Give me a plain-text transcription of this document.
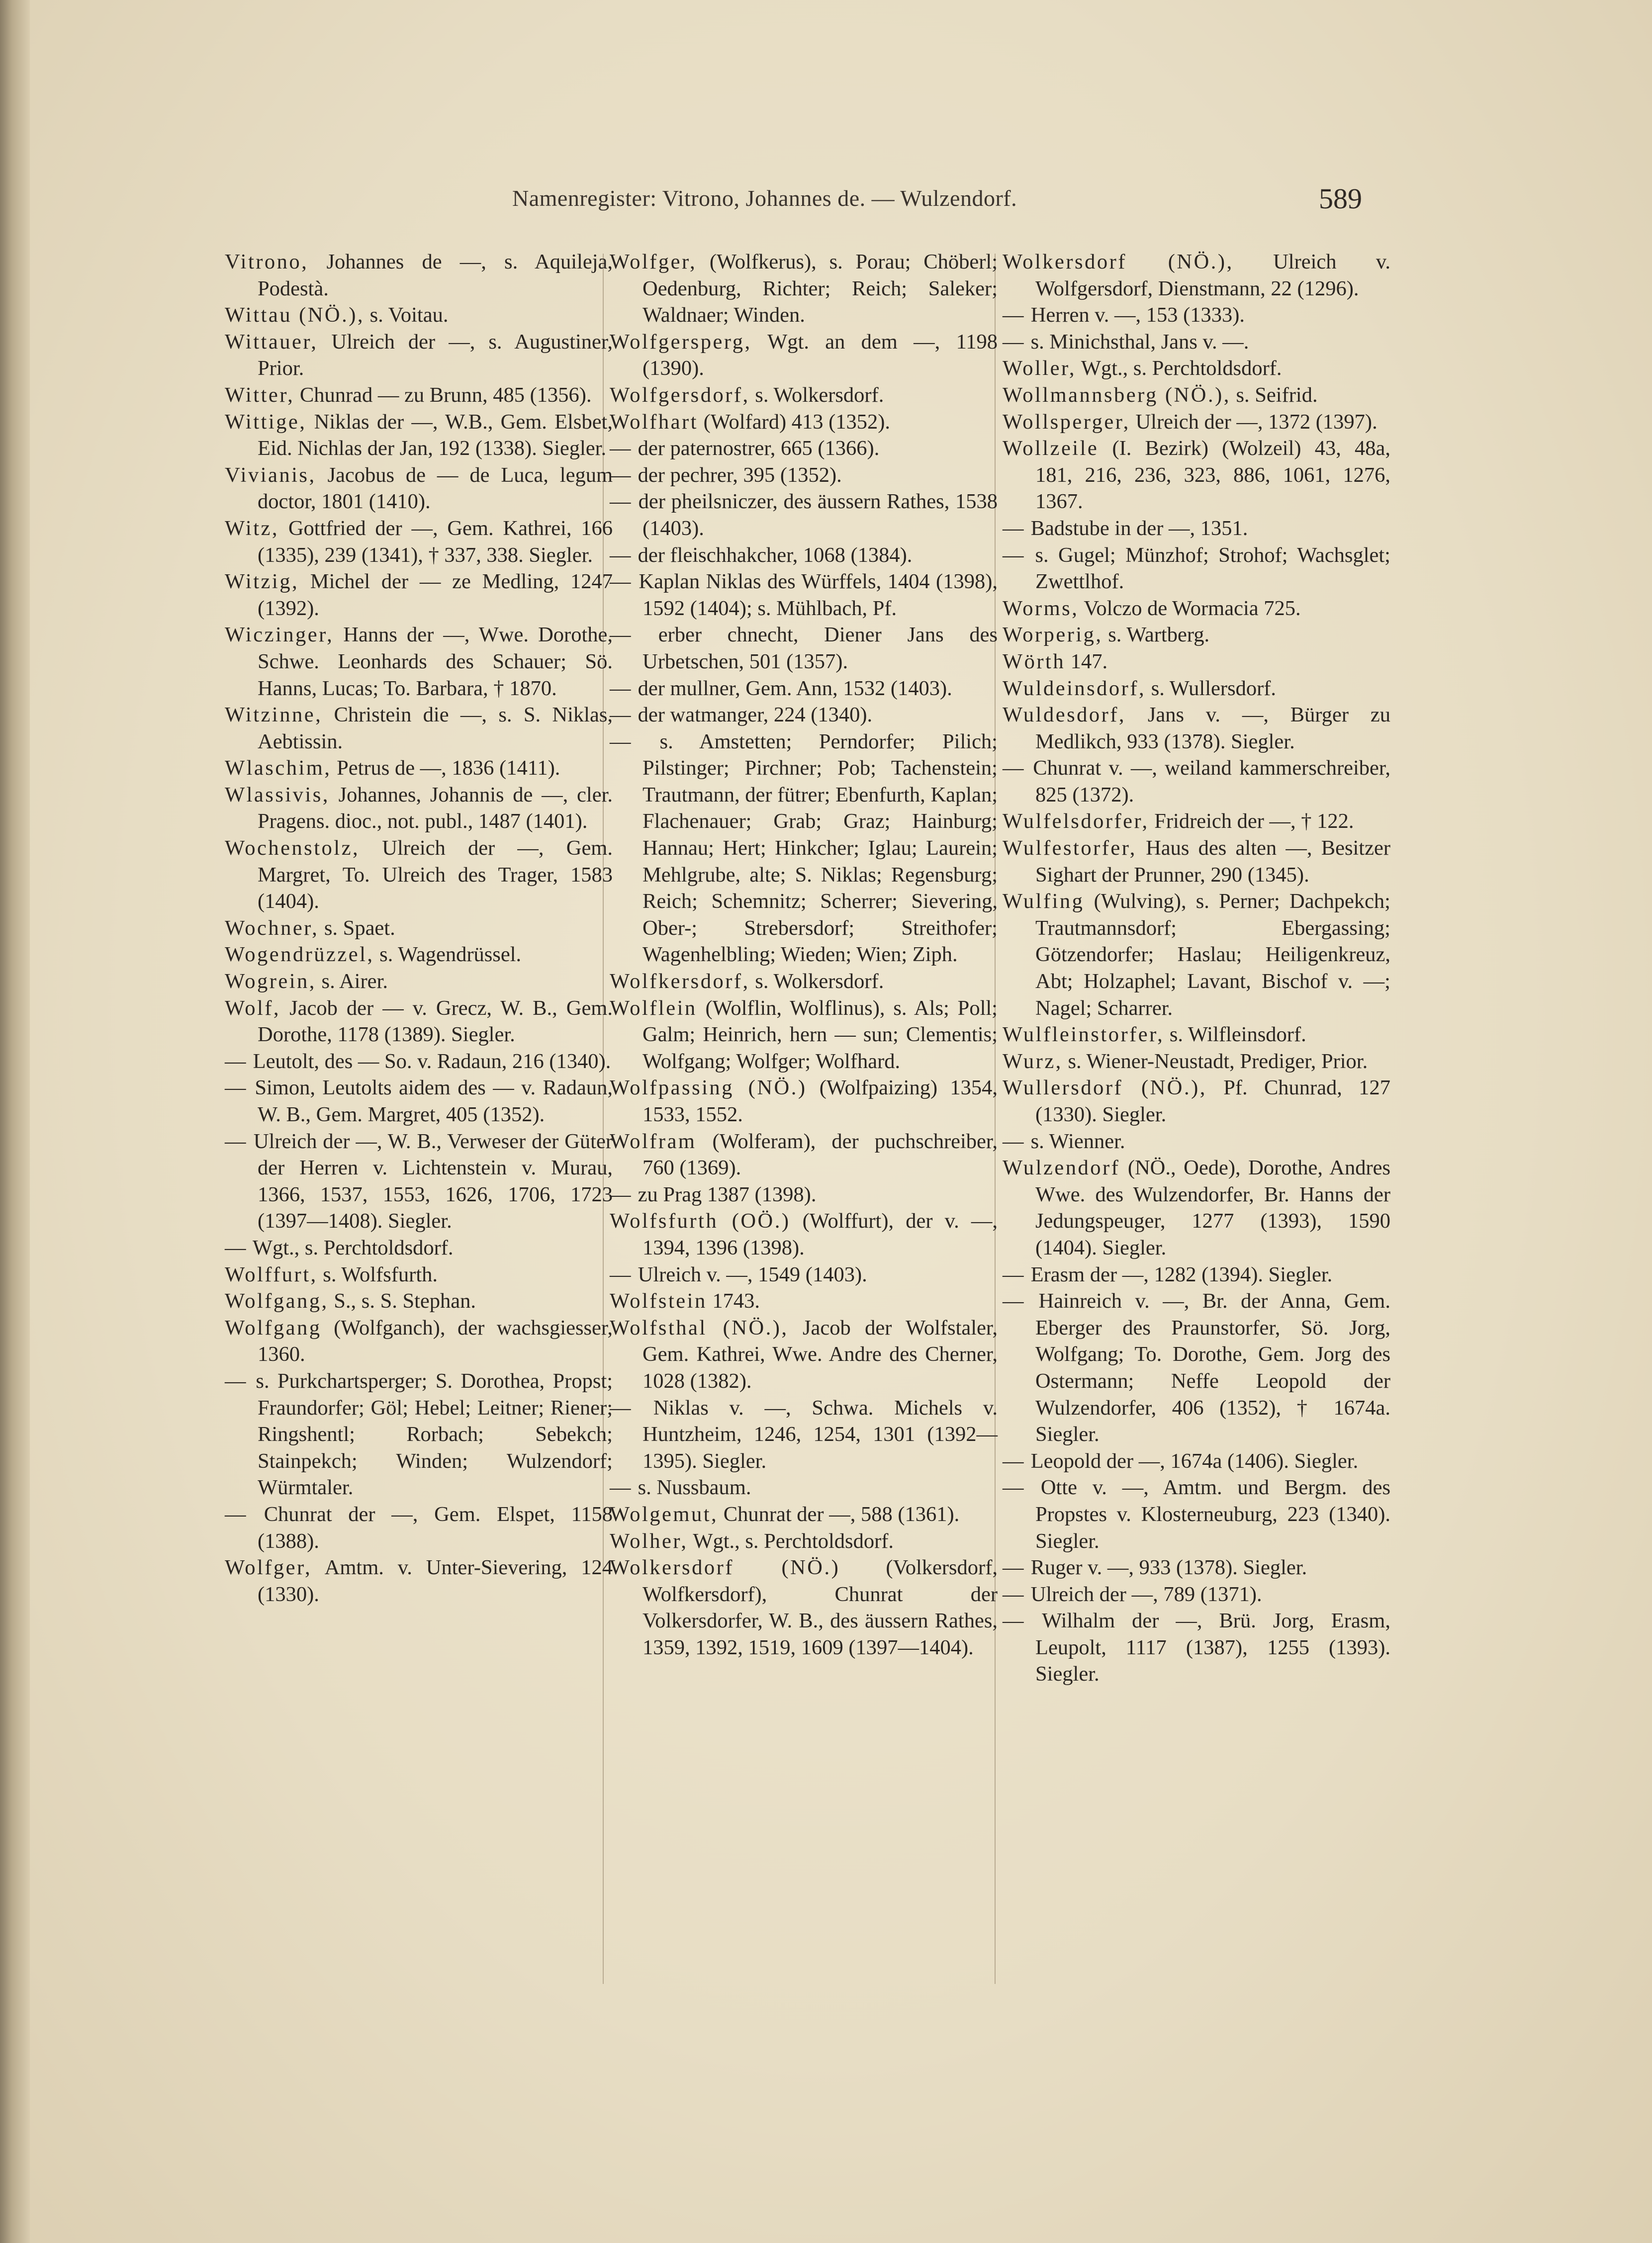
Namenregister: Vitrono, Johannes de. — Wulzendorf.	589

Vitrono, Johannes de —, s. Aquileja, Podestà.

Wittau (NÖ.), s. Voitau.

Wittauer, Ulreich der —, s. Augustiner, Prior.

Witter, Chunrad — zu Brunn, 485 (1356).

Wittige, Niklas der —, W.B., Gem. Elsbet, Eid. Nichlas der Jan, 192 (1338). Siegler.

Vivianis, Jacobus de — de Luca, legum doctor, 1801 (1410).

Witz, Gottfried der —, Gem. Kathrei, 166 (1335), 239 (1341), † 337, 338. Siegler.

Witzig, Michel der — ze Medling, 1247 (1392).

Wiczinger, Hanns der —, Wwe. Dorothe, Schwe. Leonhards des Schauer; Sö. Hanns, Lucas; To. Barbara, † 1870.

Witzinne, Christein die —, s. S. Niklas, Aebtissin.

Wlaschim, Petrus de —, 1836 (1411).

Wlassivis, Johannes, Johannis de —, cler. Pragens. dioc., not. publ., 1487 (1401).

Wochenstolz, Ulreich der —, Gem. Margret, To. Ulreich des Trager, 1583 (1404).

Wochner, s. Spaet.

Wogendrüzzel, s. Wagendrüssel.

Wogrein, s. Airer.

Wolf, Jacob der — v. Grecz, W. B., Gem. Dorothe, 1178 (1389). Siegler.

— Leutolt, des — So. v. Radaun, 216 (1340).

— Simon, Leutolts aidem des — v. Radaun, W. B., Gem. Margret, 405 (1352).

— Ulreich der —, W. B., Verweser der Güter der Herren v. Lichtenstein v. Murau, 1366, 1537, 1553, 1626, 1706, 1723 (1397—1408). Siegler.

— Wgt., s. Perchtoldsdorf.

Wolffurt, s. Wolfsfurth.

Wolfgang, S., s. S. Stephan.

Wolfgang (Wolfganch), der wachsgiesser, 1360.

— s. Purkchartsperger; S. Dorothea, Propst; Fraundorfer; Göl; Hebel; Leitner; Riener; Ringshentl; Rorbach; Sebekch; Stainpekch; Winden; Wulzendorf; Würmtaler.

— Chunrat der —, Gem. Elspet, 1158 (1388).

Wolfger, Amtm. v. Unter-Sievering, 124 (1330).

Wolfger, (Wolfkerus), s. Porau; Chöberl; Oedenburg, Richter; Reich; Saleker; Waldnaer; Winden.

Wolfgersperg, Wgt. an dem —, 1198 (1390).

Wolfgersdorf, s. Wolkersdorf.

Wolfhart (Wolfard) 413 (1352).

— der paternostrer, 665 (1366).

— der pechrer, 395 (1352).

— der pheilsniczer, des äussern Rathes, 1538 (1403).

— der fleischhakcher, 1068 (1384).

— Kaplan Niklas des Würffels, 1404 (1398), 1592 (1404); s. Mühlbach, Pf.

— erber chnecht, Diener Jans des Urbetschen, 501 (1357).

— der mullner, Gem. Ann, 1532 (1403).

— der watmanger, 224 (1340).

— s. Amstetten; Perndorfer; Pilich; Pilstinger; Pirchner; Pob; Tachenstein; Trautmann, der fütrer; Ebenfurth, Kaplan; Flachenauer; Grab; Graz; Hainburg; Hannau; Hert; Hinkcher; Iglau; Laurein; Mehlgrube, alte; S. Niklas; Regensburg; Reich; Schemnitz; Scherrer; Sievering, Ober-; Strebersdorf; Streithofer; Wagenhelbling; Wieden; Wien; Ziph.

Wolfkersdorf, s. Wolkersdorf.

Wolflein (Wolflin, Wolflinus), s. Als; Poll; Galm; Heinrich, hern — sun; Clementis; Wolfgang; Wolfger; Wolfhard.

Wolfpassing (NÖ.) (Wolfpaizing) 1354, 1533, 1552.

Wolfram (Wolferam), der puchschreiber, 760 (1369).

— zu Prag 1387 (1398).

Wolfsfurth (OÖ.) (Wolffurt), der v. —, 1394, 1396 (1398).

— Ulreich v. —, 1549 (1403).

Wolfstein 1743.

Wolfsthal (NÖ.), Jacob der Wolfstaler, Gem. Kathrei, Wwe. Andre des Cherner, 1028 (1382).

— Niklas v. —, Schwa. Michels v. Huntzheim, 1246, 1254, 1301 (1392—1395). Siegler.

— s. Nussbaum.

Wolgemut, Chunrat der —, 588 (1361).

Wolher, Wgt., s. Perchtoldsdorf.

Wolkersdorf (NÖ.) (Volkersdorf, Wolfkersdorf), Chunrat der Volkersdorfer, W. B., des äussern Rathes, 1359, 1392, 1519, 1609 (1397—1404).

Wolkersdorf (NÖ.), Ulreich v. Wolfgersdorf, Dienstmann, 22 (1296).

— Herren v. —, 153 (1333).

— s. Minichsthal, Jans v. —.

Woller, Wgt., s. Perchtoldsdorf.

Wollmannsberg (NÖ.), s. Seifrid.

Wollsperger, Ulreich der —, 1372 (1397).

Wollzeile (I. Bezirk) (Wolzeil) 43, 48a, 181, 216, 236, 323, 886, 1061, 1276, 1367.

— Badstube in der —, 1351.

— s. Gugel; Münzhof; Strohof; Wachsglet; Zwettlhof.

Worms, Volczo de Wormacia 725.

Worperig, s. Wartberg.

Wörth 147.

Wuldeinsdorf, s. Wullersdorf.

Wuldesdorf, Jans v. —, Bürger zu Medlikch, 933 (1378). Siegler.

— Chunrat v. —, weiland kammerschreiber, 825 (1372).

Wulfelsdorfer, Fridreich der —, † 122.

Wulfestorfer, Haus des alten —, Besitzer Sighart der Prunner, 290 (1345).

Wulfing (Wulving), s. Perner; Dachpekch; Trautmannsdorf; Ebergassing; Götzendorfer; Haslau; Heiligenkreuz, Abt; Holzaphel; Lavant, Bischof v. —; Nagel; Scharrer.

Wulfleinstorfer, s. Wilfleinsdorf.

Wurz, s. Wiener-Neustadt, Prediger, Prior.

Wullersdorf (NÖ.), Pf. Chunrad, 127 (1330). Siegler.

— s. Wienner.

Wulzendorf (NÖ., Oede), Dorothe, Andres Wwe. des Wulzendorfer, Br. Hanns der Jedungspeuger, 1277 (1393), 1590 (1404). Siegler.

— Erasm der —, 1282 (1394). Siegler.

— Hainreich v. —, Br. der Anna, Gem. Eberger des Praunstorfer, Sö. Jorg, Wolfgang; To. Dorothe, Gem. Jorg des Ostermann; Neffe Leopold der Wulzendorfer, 406 (1352), † 1674a. Siegler.

— Leopold der —, 1674a (1406). Siegler.

— Otte v. —, Amtm. und Bergm. des Propstes v. Klosterneuburg, 223 (1340). Siegler.

— Ruger v. —, 933 (1378). Siegler.

— Ulreich der —, 789 (1371).

— Wilhalm der —, Brü. Jorg, Erasm, Leupolt, 1117 (1387), 1255 (1393). Siegler.
